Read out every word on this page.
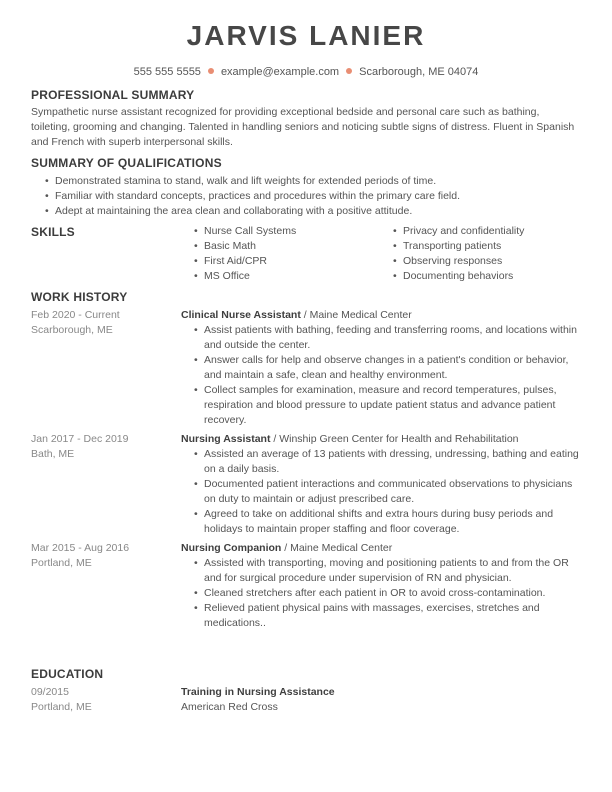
JARVIS LANIER
555 555 5555 example@example.com Scarborough, ME 04074
PROFESSIONAL SUMMARY
Sympathetic nurse assistant recognized for providing exceptional bedside and personal care such as bathing, toileting, grooming and changing. Talented in handling seniors and noticing subtle signs of distress. Fluent in Spanish and French with superb interpersonal skills.
SUMMARY OF QUALIFICATIONS
• Demonstrated stamina to stand, walk and lift weights for extended periods of time.
• Familiar with standard concepts, practices and procedures within the primary care field.
• Adept at maintaining the area clean and collaborating with a positive attitude.
SKILLS
•	Nurse Call Systems
• Basic Math
• First Aid/CPR
• MS Office
• Privacy and confidentiality
• Transporting patients
• Observing responses
• Documenting behaviors
WORK HISTORY
Feb 2020 - Current
Scarborough, ME
Clinical Nurse Assistant / Maine Medical Center
• Assist patients with bathing, feeding and transferring rooms, and locations within and outside the center.
• Answer calls for help and observe changes in a patient's condition or behavior, and maintain a safe, clean and healthy environment.
• Collect samples for examination, measure and record temperatures, pulses, respiration and blood pressure to update patient status and advance patient recovery.
Jan 2017 - Dec 2019
Bath, ME
Nursing Assistant / Winship Green Center for Health and Rehabilitation
• Assisted an average of 13 patients with dressing, undressing, bathing and eating on a daily basis.
• Documented patient interactions and communicated observations to physicians on duty to maintain or adjust prescribed care.
• Agreed to take on additional shifts and extra hours during busy periods and holidays to maintain proper staffing and floor coverage.
Mar 2015 - Aug 2016
Portland, ME
Nursing Companion / Maine Medical Center
• Assisted with transporting, moving and positioning patients to and from the OR and for surgical procedure under supervision of RN and physician.
• Cleaned stretchers after each patient in OR to avoid cross-contamination.
• Relieved patient physical pains with massages, exercises, stretches and medications..
EDUCATION
09/2015
Portland, ME
Training in Nursing Assistance
American Red Cross
